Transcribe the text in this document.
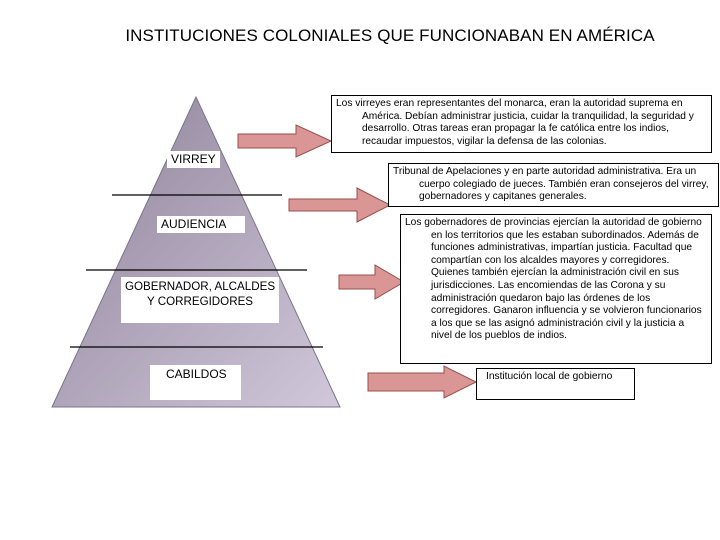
INSTITUCIONES COLONIALES QUE FUNCIONABAN EN AMÉRICA
VIRREY
AUDIENCIA
GOBERNADOR, ALCALDES Y CORREGIDORES
CABILDOS

Los virreyes eran representantes del monarca, eran la autoridad suprema en América. Debían administrar justicia, cuidar la tranquilidad, la seguridad y desarrollo. Otras tareas eran propagar la fe católica entre los indios, recaudar impuestos, vigilar la defensa de las colonias.

Tribunal de Apelaciones y en parte autoridad administrativa. Era un cuerpo colegiado de jueces. También eran consejeros del virrey, gobernadores y capitanes generales.

Los gobernadores de provincias ejercían la autoridad de gobierno en los territorios que les estaban subordinados. Además de funciones administrativas, impartían justicia. Facultad que compartían con los alcaldes mayores y corregidores. Quienes también ejercían la administración civil en sus jurisdicciones. Las encomiendas de las Corona y su administración quedaron bajo las órdenes de los corregidores. Ganaron influencia y se volvieron funcionarios a los que se las asignó administración civil y la justicia a nivel de los pueblos de indios.

Institución local de gobierno
